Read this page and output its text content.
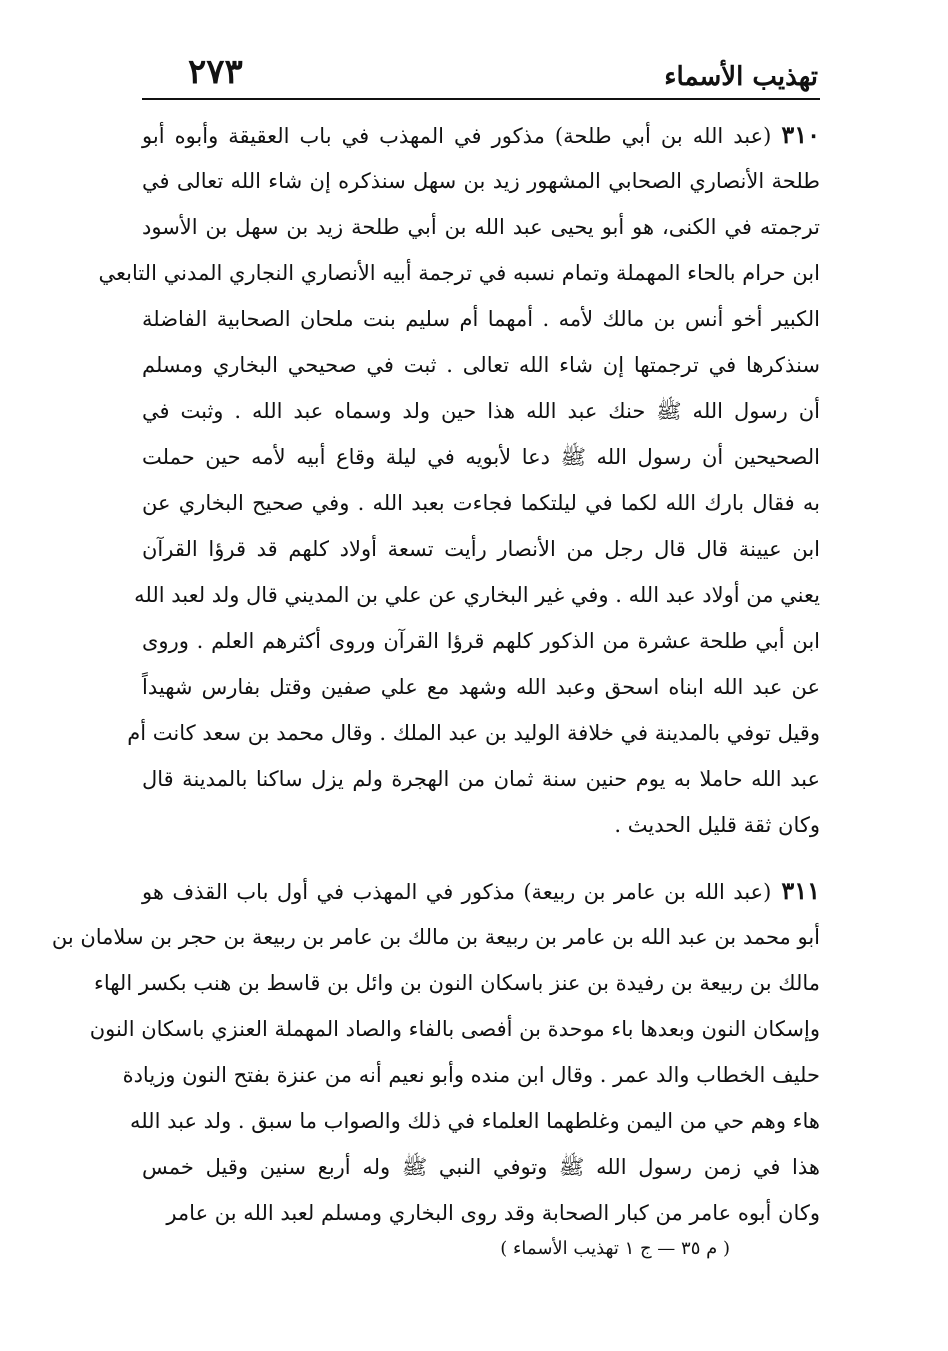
تهذيب الأسماء
٢٧٣
٣١٠(عبد الله بن أبي طلحة) مذكور في المهذب في باب العقيقة وأبوه أبو
طلحة الأنصاري الصحابي المشهور زيد بن سهل سنذكره إن شاء الله تعالى في
ترجمته في الكنى، هو أبو يحيى عبد الله بن أبي طلحة زيد بن سهل بن الأسود
ابن حرام بالحاء المهملة وتمام نسبه في ترجمة أبيه الأنصاري النجاري المدني التابعي
الكبير أخو أنس بن مالك لأمه . أمهما أم سليم بنت ملحان الصحابية الفاضلة
سنذكرها في ترجمتها إن شاء الله تعالى . ثبت في صحيحي البخاري ومسلم
أن رسول الله ﷺ حنك عبد الله هذا حين ولد وسماه عبد الله . وثبت في
الصحيحين أن رسول الله ﷺ دعا لأبويه في ليلة وقاع أبيه لأمه حين حملت
به فقال بارك الله لكما في ليلتكما فجاءت بعبد الله . وفي صحيح البخاري عن
ابن عيينة قال قال رجل من الأنصار رأيت تسعة أولاد كلهم قد قرؤا القرآن
يعني من أولاد عبد الله . وفي غير البخاري عن علي بن المديني قال ولد لعبد الله
ابن أبي طلحة عشرة من الذكور كلهم قرؤا القرآن وروى أكثرهم العلم . وروى
عن عبد الله ابناه اسحق وعبد الله وشهد مع علي صفين وقتل بفارس شهيداً
وقيل توفي بالمدينة في خلافة الوليد بن عبد الملك . وقال محمد بن سعد كانت أم
عبد الله حاملا به يوم حنين سنة ثمان من الهجرة ولم يزل ساكنا بالمدينة قال
وكان ثقة قليل الحديث .
٣١١(عبد الله بن عامر بن ربيعة) مذكور في المهذب في أول باب القذف هو
أبو محمد بن عبد الله بن عامر بن ربيعة بن مالك بن عامر بن ربيعة بن حجر بن سلامان بن
مالك بن ربيعة بن رفيدة بن عنز باسكان النون بن وائل بن قاسط بن هنب بكسر الهاء
وإسكان النون وبعدها باء موحدة بن أفصى بالفاء والصاد المهملة العنزي باسكان النون
حليف الخطاب والد عمر . وقال ابن منده وأبو نعيم أنه من عنزة بفتح النون وزيادة
هاء وهم حي من اليمن وغلطهما العلماء في ذلك والصواب ما سبق . ولد عبد الله
هذا في زمن رسول الله ﷺ وتوفي النبي ﷺ وله أربع سنين وقيل خمس
وكان أبوه عامر من كبار الصحابة وقد روى البخاري ومسلم لعبد الله بن عامر
( م ٣٥ — ج ١ تهذيب الأسماء )
